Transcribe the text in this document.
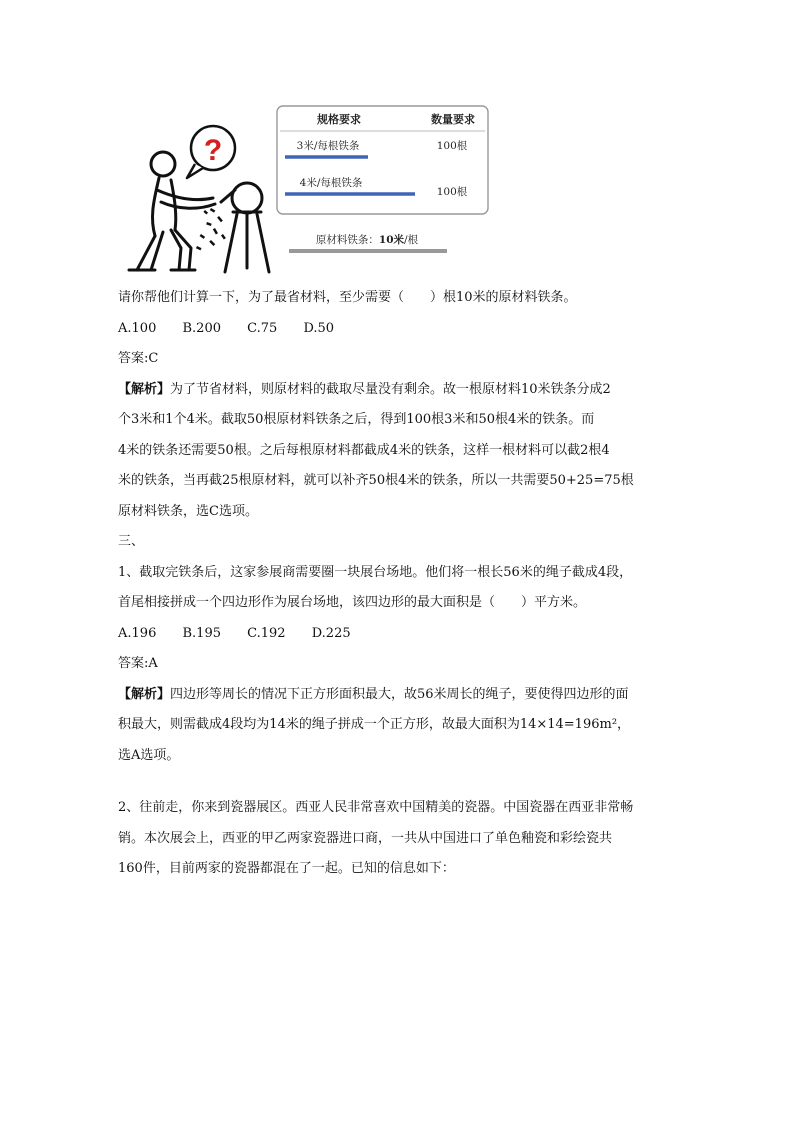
?
规格要求	数量要求
3米/每根铁条	100根
4米/每根铁条
100根
原材料铁条：10米/根
请你帮他们计算一下，为了最省材料，至少需要（　　）根10米的原材料铁条。
A.100 B.200 C.75 D.50
答案:C
【解析】为了节省材料，则原材料的截取尽量没有剩余。故一根原材料10米铁条分成2
个3米和1个4米。截取50根原材料铁条之后，得到100根3米和50根4米的铁条。而
4米的铁条还需要50根。之后每根原材料都截成4米的铁条，这样一根材料可以截2根4
米的铁条，当再截25根原材料，就可以补齐50根4米的铁条，所以一共需要50+25=75根
原材料铁条，选C选项。
三、
1、截取完铁条后，这家参展商需要圈一块展台场地。他们将一根长56米的绳子截成4段，
首尾相接拼成一个四边形作为展台场地，该四边形的最大面积是（　　）平方米。
A.196 B.195 C.192 D.225
答案:A
【解析】四边形等周长的情况下正方形面积最大，故56米周长的绳子，要使得四边形的面
积最大，则需截成4段均为14米的绳子拼成一个正方形，故最大面积为14×14=196m²，
选A选项。
2、往前走，你来到瓷器展区。西亚人民非常喜欢中国精美的瓷器。中国瓷器在西亚非常畅
销。本次展会上，西亚的甲乙两家瓷器进口商，一共从中国进口了单色釉瓷和彩绘瓷共
160件，目前两家的瓷器都混在了一起。已知的信息如下：
